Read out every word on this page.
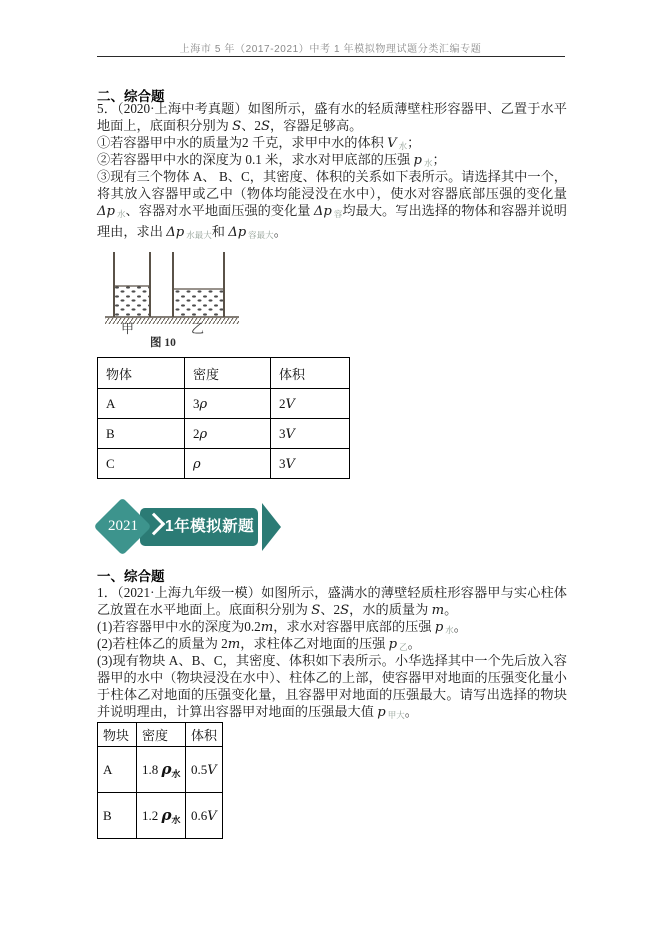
上海市 5 年（2017-2021）中考 1 年模拟物理试题分类汇编专题
二、综合题

5．（2020·上海中考真题）如图所示，盛有水的轻质薄壁柱形容器甲、乙置于水平地面上，底面积分别为 S、2S，容器足够高。

①若容器甲中水的质量为2 千克，求甲中水的体积 V 水；

②若容器甲中水的深度为 0.1 米，求水对甲底部的压强 p 水；

③现有三个物体 A、 B、C，其密度、体积的关系如下表所示。请选择其中一个，将其放入容器甲或乙中（物体均能浸没在水中），使水对容器底部压强的变化量 Δp 水、容器对水平地面压强的变化量 Δp 容均最大。写出选择的物体和容器并说明理由，求出 Δp 水最大和 Δp 容最大。

甲	乙
图 10
物体	密度	体积
A	3ρ	2V
B	2ρ	3V
C	ρ	3V
2021	1年模拟新题
一、综合题

1．（2021·上海九年级一模）如图所示，盛满水的薄壁轻质柱形容器甲与实心柱体乙放置在水平地面上。底面积分别为 S、2S，水的质量为 m。

(1)若容器甲中水的深度为0.2m，求水对容器甲底部的压强 p 水。

(2)若柱体乙的质量为 2m，求柱体乙对地面的压强 p 乙。

(3)现有物块 A、B、C，其密度、体积如下表所示。小华选择其中一个先后放入容器甲的水中（物块浸没在水中）、柱体乙的上部，使容器甲对地面的压强变化量小于柱体乙对地面的压强变化量，且容器甲对地面的压强最大。请写出选择的物块并说明理由，计算出容器甲对地面的压强最大值 p 甲大。

物块	密度	体积
A	1.8 $\rho_水$	0.5V
B	1.2 $\rho_水$	0.6V
